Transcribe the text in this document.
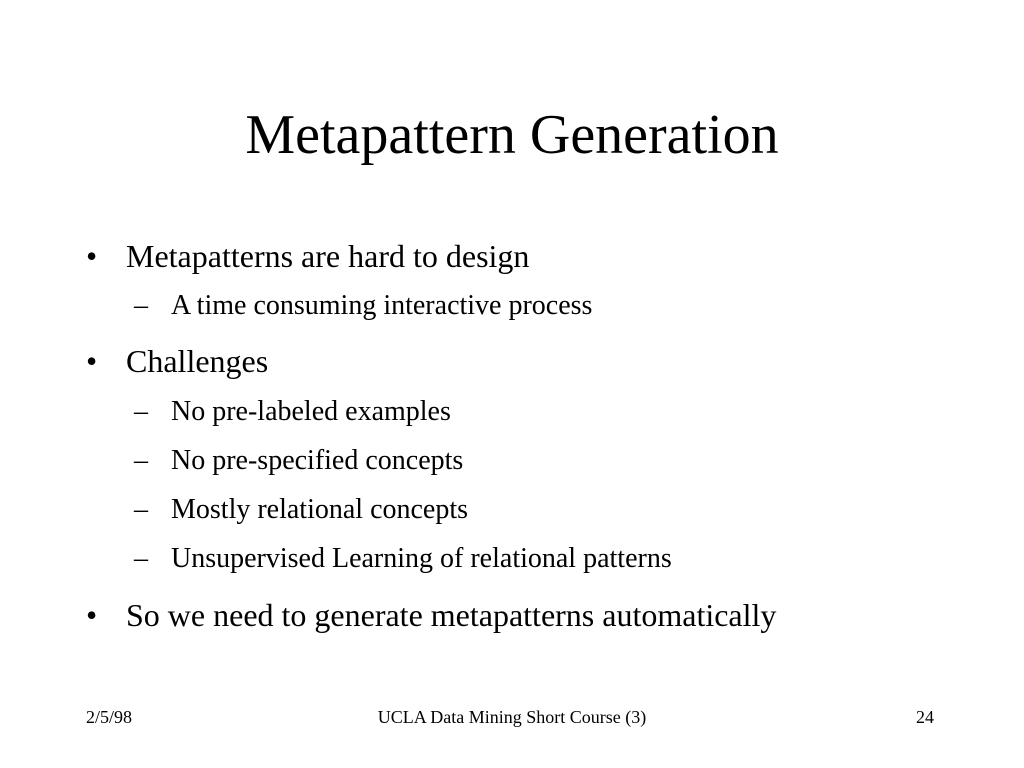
Metapattern Generation
• Metapatterns are hard to design
– A time consuming interactive process
• Challenges
– No pre-labeled examples
– No pre-specified concepts
– Mostly relational concepts
– Unsupervised Learning of relational patterns
• So we need to generate metapatterns automatically
2/5/98	UCLA Data Mining Short Course (3)	24
